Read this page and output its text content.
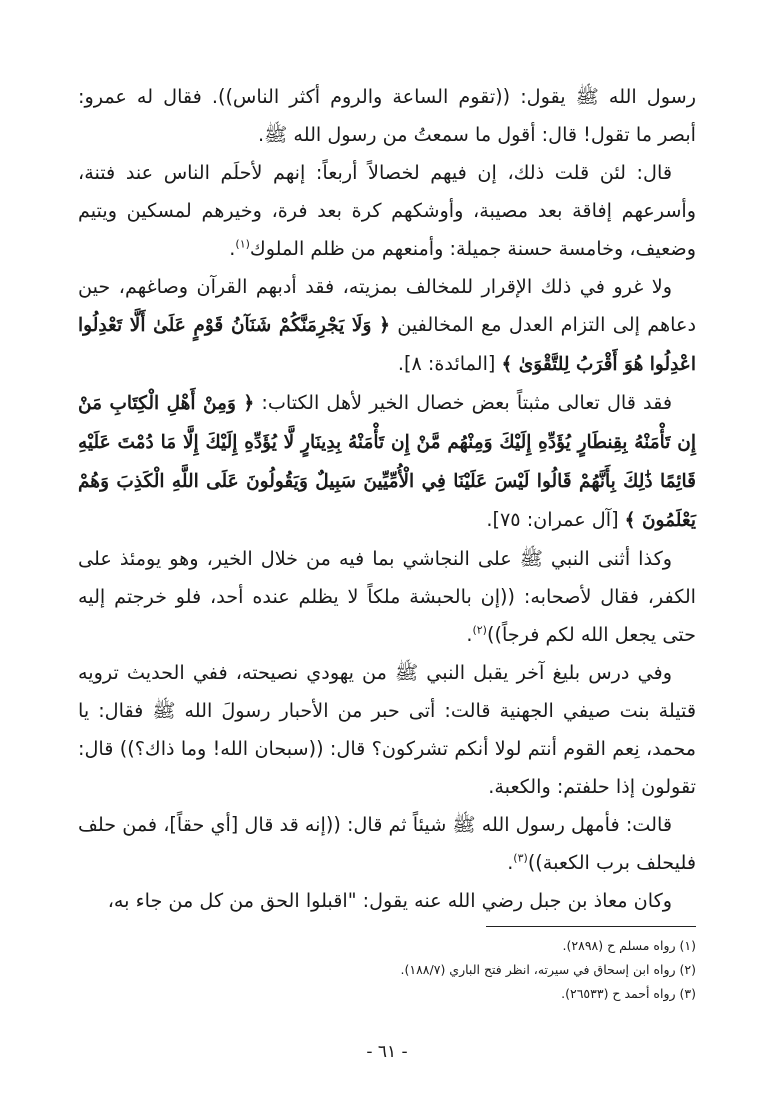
رسول الله ﷺ يقول: ((تقوم الساعة والروم أكثر الناس)). فقال له عمرو: أبصر ما تقول! قال: أقول ما سمعتُ من رسول الله ﷺ.

قال: لئن قلت ذلك، إن فيهم لخصالاً أربعاً: إنهم لأحلَم الناس عند فتنة، وأسرعهم إفاقة بعد مصيبة، وأوشكهم كرة بعد فرة، وخيرهم لمسكين ويتيم وضعيف، وخامسة حسنة جميلة: وأمنعهم من ظلم الملوك$^{(١)}$.

ولا غرو في ذلك الإقرار للمخالف بمزيته، فقد أدبهم القرآن وصاغهم، حين دعاهم إلى التزام العدل مع المخالفين ﴿ وَلَا يَجْرِمَنَّكُمْ شَنَآنُ قَوْمٍ عَلَىٰ أَلَّا تَعْدِلُوا اعْدِلُوا هُوَ أَقْرَبُ لِلتَّقْوَىٰ ﴾ [المائدة: ٨].

فقد قال تعالى مثبتاً بعض خصال الخير لأهل الكتاب: ﴿ وَمِنْ أَهْلِ الْكِتَابِ مَنْ إِن تَأْمَنْهُ بِقِنطَارٍ يُؤَدِّهِ إِلَيْكَ وَمِنْهُم مَّنْ إِن تَأْمَنْهُ بِدِينَارٍ لَّا يُؤَدِّهِ إِلَيْكَ إِلَّا مَا دُمْتَ عَلَيْهِ قَائِمًا ذَٰلِكَ بِأَنَّهُمْ قَالُوا لَيْسَ عَلَيْنَا فِي الْأُمِّيِّينَ سَبِيلٌ وَيَقُولُونَ عَلَى اللَّهِ الْكَذِبَ وَهُمْ يَعْلَمُونَ ﴾ [آل عمران: ٧٥].

وكذا أثنى النبي ﷺ على النجاشي بما فيه من خلال الخير، وهو يومئذ على الكفر، فقال لأصحابه: ((إن بالحبشة ملكاً لا يظلم عنده أحد، فلو خرجتم إليه حتى يجعل الله لكم فرجاً))$^{(٢)}$.

وفي درس بليغ آخر يقبل النبي ﷺ من يهودي نصيحته، ففي الحديث ترويه قتيلة بنت صيفي الجهنية قالت: أتى حبر من الأحبار رسولَ الله ﷺ فقال: يا محمد، نِعم القوم أنتم لولا أنكم تشركون؟ قال: ((سبحان الله! وما ذاك؟)) قال: تقولون إذا حلفتم: والكعبة.

قالت: فأمهل رسول الله ﷺ شيئاً ثم قال: ((إنه قد قال [أي حقاً]، فمن حلف فليحلف برب الكعبة))$^{(٣)}$.

وكان معاذ بن جبل رضي الله عنه يقول: "اقبلوا الحق من كل من جاء به،

(١) رواه مسلم ح (٢٨٩٨).
(٢) رواه ابن إسحاق في سيرته، انظر فتح الباري (١٨٨/٧).
(٣) رواه أحمد ح (٢٦٥٣٣).
- ٦١ -
